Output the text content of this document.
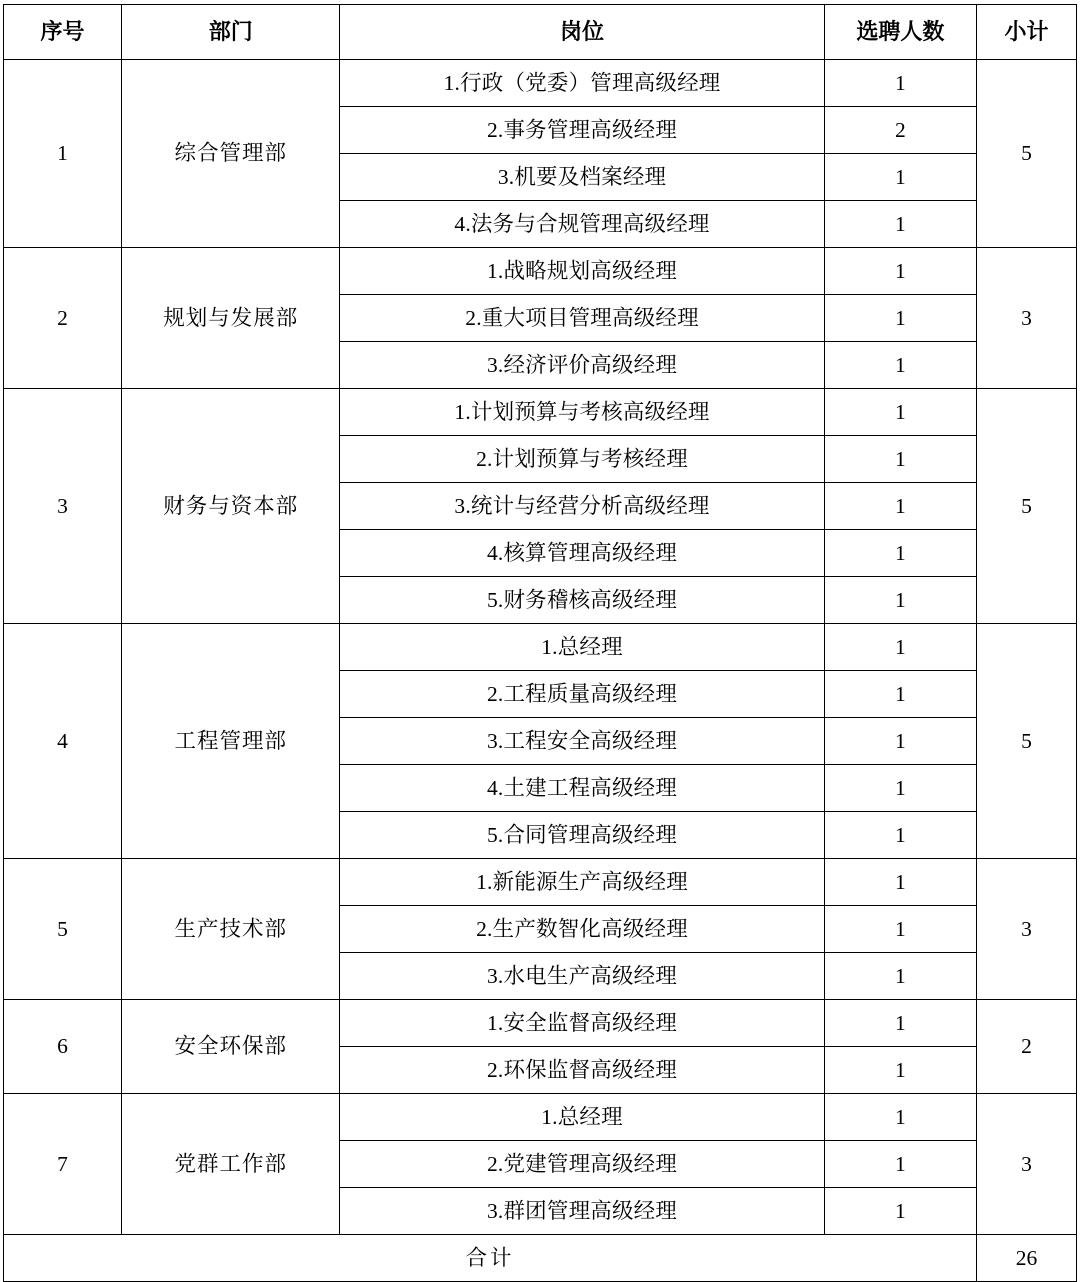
序号	部门	岗位	选聘人数	小计
1	综合管理部	1.行政（党委）管理高级经理	1	5
		2.事务管理高级经理	2	
		3.机要及档案经理	1	
		4.法务与合规管理高级经理	1	
2	规划与发展部	1.战略规划高级经理	1	3
		2.重大项目管理高级经理	1	
		3.经济评价高级经理	1	
3	财务与资本部	1.计划预算与考核高级经理	1	5
		2.计划预算与考核经理	1	
		3.统计与经营分析高级经理	1	
		4.核算管理高级经理	1	
		5.财务稽核高级经理	1	
4	工程管理部	1.总经理	1	5
		2.工程质量高级经理	1	
		3.工程安全高级经理	1	
		4.土建工程高级经理	1	
		5.合同管理高级经理	1	
5	生产技术部	1.新能源生产高级经理	1	3
		2.生产数智化高级经理	1	
		3.水电生产高级经理	1	
6	安全环保部	1.安全监督高级经理	1	2
		2.环保监督高级经理	1	
7	党群工作部	1.总经理	1	3
		2.党建管理高级经理	1	
		3.群团管理高级经理	1	
合计				26
